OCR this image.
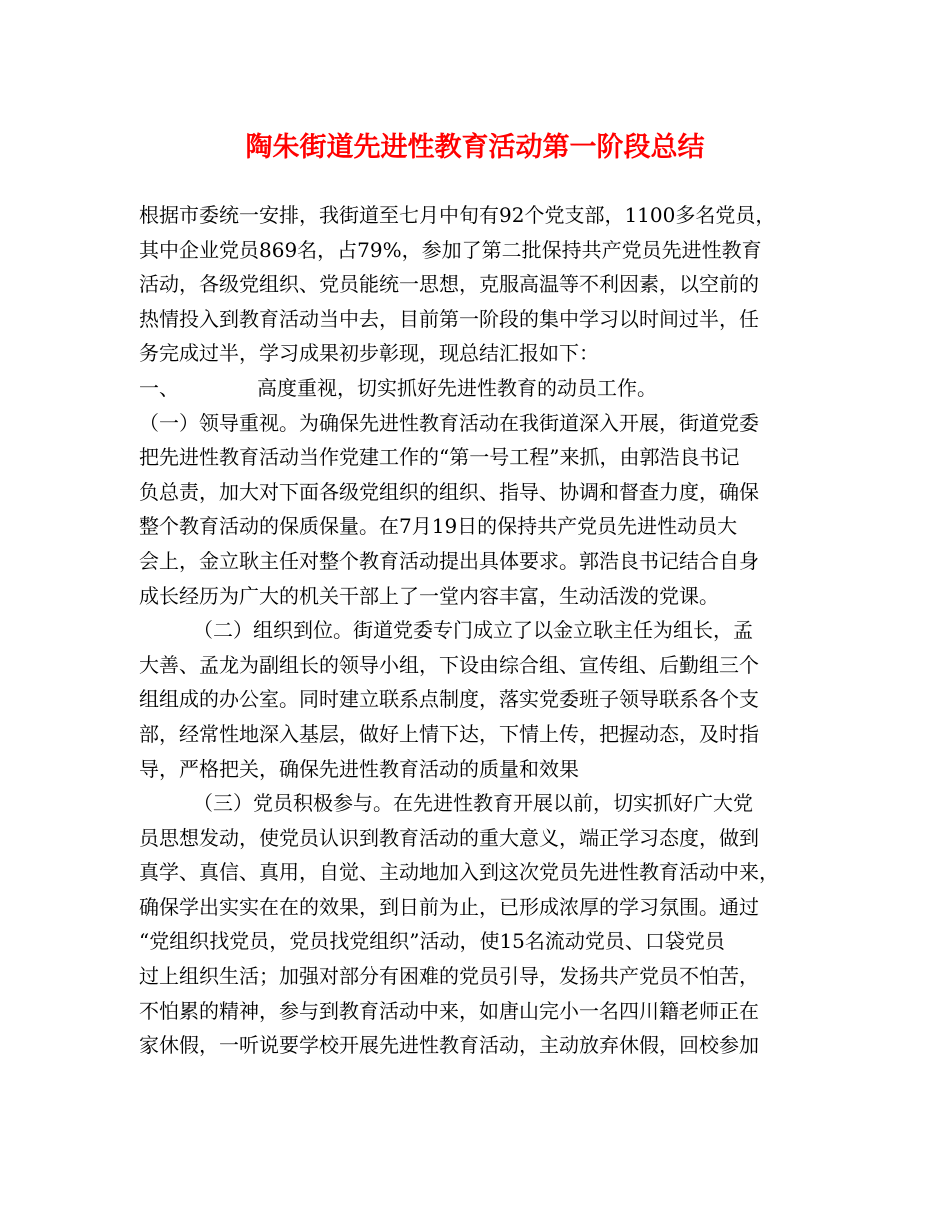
陶朱街道先进性教育活动第一阶段总结
根据市委统一安排，我街道至七月中旬有92个党支部，1100多名党员，
其中企业党员869名，占79%，参加了第二批保持共产党员先进性教育
活动，各级党组织、党员能统一思想，克服高温等不利因素，以空前的
热情投入到教育活动当中去，目前第一阶段的集中学习以时间过半，任
务完成过半，学习成果初步彰现，现总结汇报如下：
一、	高度重视，切实抓好先进性教育的动员工作。
（一）领导重视。为确保先进性教育活动在我街道深入开展，街道党委
把先进性教育活动当作党建工作的“第一号工程”来抓，由郭浩良书记
负总责，加大对下面各级党组织的组织、指导、协调和督查力度，确保
整个教育活动的保质保量。在7月19日的保持共产党员先进性动员大
会上，金立耿主任对整个教育活动提出具体要求。郭浩良书记结合自身
成长经历为广大的机关干部上了一堂内容丰富，生动活泼的党课。
（二）组织到位。街道党委专门成立了以金立耿主任为组长，孟
大善、孟龙为副组长的领导小组，下设由综合组、宣传组、后勤组三个
组组成的办公室。同时建立联系点制度，落实党委班子领导联系各个支
部，经常性地深入基层，做好上情下达，下情上传，把握动态，及时指
导，严格把关，确保先进性教育活动的质量和效果
（三）党员积极参与。在先进性教育开展以前，切实抓好广大党
员思想发动，使党员认识到教育活动的重大意义，端正学习态度，做到
真学、真信、真用，自觉、主动地加入到这次党员先进性教育活动中来，
确保学出实实在在的效果，到日前为止，已形成浓厚的学习氛围。通过
“党组织找党员，党员找党组织”活动，使15名流动党员、口袋党员
过上组织生活；加强对部分有困难的党员引导，发扬共产党员不怕苦，
不怕累的精神，参与到教育活动中来，如唐山完小一名四川籍老师正在
家休假，一听说要学校开展先进性教育活动，主动放弃休假，回校参加
